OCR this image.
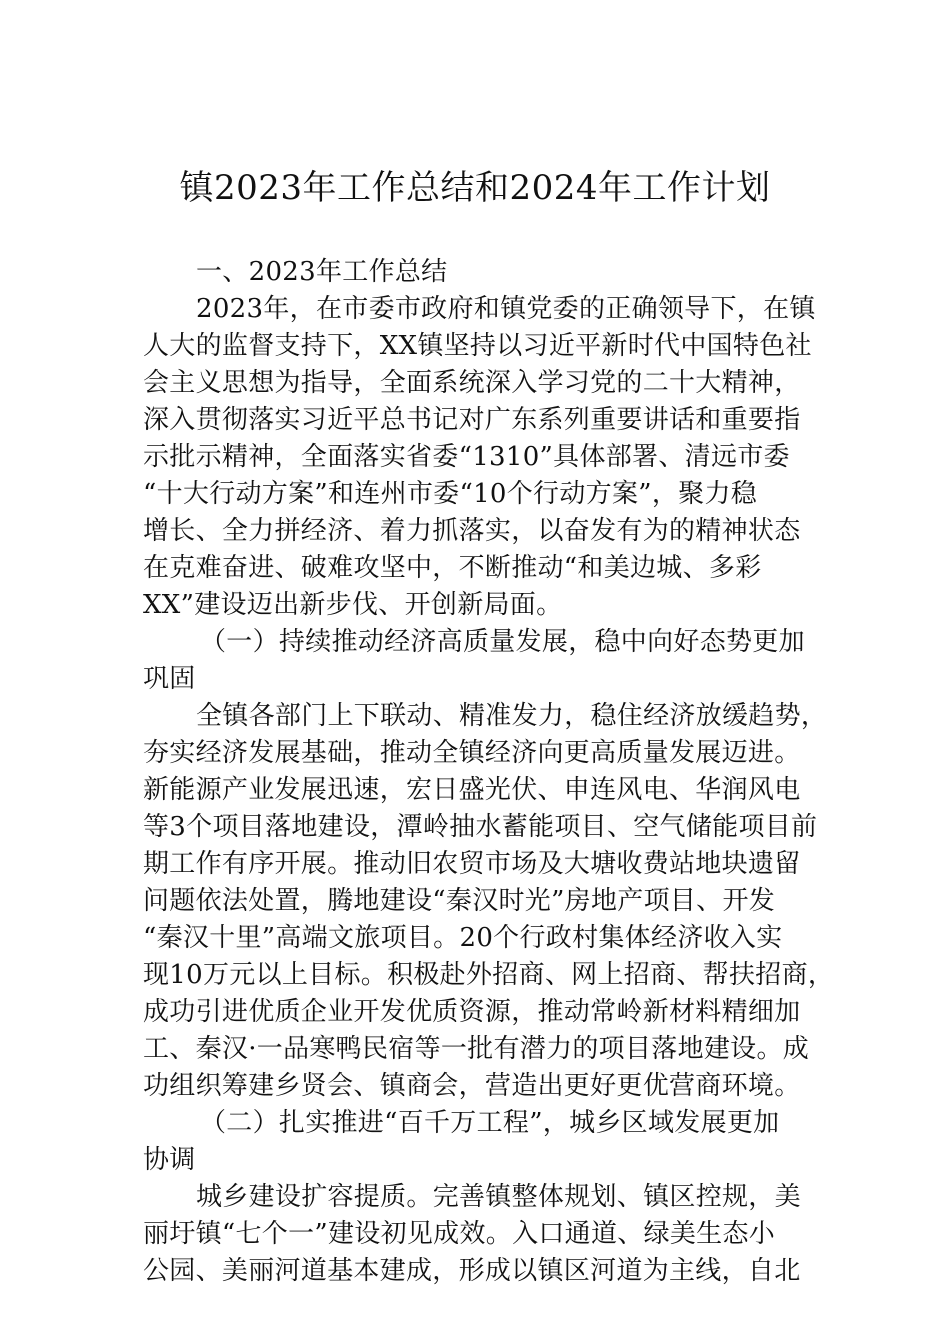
镇2023年工作总结和2024年工作计划
一、2023年工作总结
2023年，在市委市政府和镇党委的正确领导下，在镇
人大的监督支持下，XX镇坚持以习近平新时代中国特色社
会主义思想为指导，全面系统深入学习党的二十大精神，
深入贯彻落实习近平总书记对广东系列重要讲话和重要指
示批示精神，全面落实省委“1310”具体部署、清远市委
“十大行动方案”和连州市委“10个行动方案”，聚力稳
增长、全力拼经济、着力抓落实，以奋发有为的精神状态
在克难奋进、破难攻坚中，不断推动“和美边城、多彩
XX”建设迈出新步伐、开创新局面。
（一）持续推动经济高质量发展，稳中向好态势更加
巩固
全镇各部门上下联动、精准发力，稳住经济放缓趋势，
夯实经济发展基础，推动全镇经济向更高质量发展迈进。
新能源产业发展迅速，宏日盛光伏、申连风电、华润风电
等3个项目落地建设，潭岭抽水蓄能项目、空气储能项目前
期工作有序开展。推动旧农贸市场及大塘收费站地块遗留
问题依法处置，腾地建设“秦汉时光”房地产项目、开发
“秦汉十里”高端文旅项目。20个行政村集体经济收入实
现10万元以上目标。积极赴外招商、网上招商、帮扶招商，
成功引进优质企业开发优质资源，推动常岭新材料精细加
工、秦汉·一品寒鸭民宿等一批有潜力的项目落地建设。成
功组织筹建乡贤会、镇商会，营造出更好更优营商环境。
（二）扎实推进“百千万工程”，城乡区域发展更加
协调
城乡建设扩容提质。完善镇整体规划、镇区控规，美
丽圩镇“七个一”建设初见成效。入口通道、绿美生态小
公园、美丽河道基本建成，形成以镇区河道为主线，自北
